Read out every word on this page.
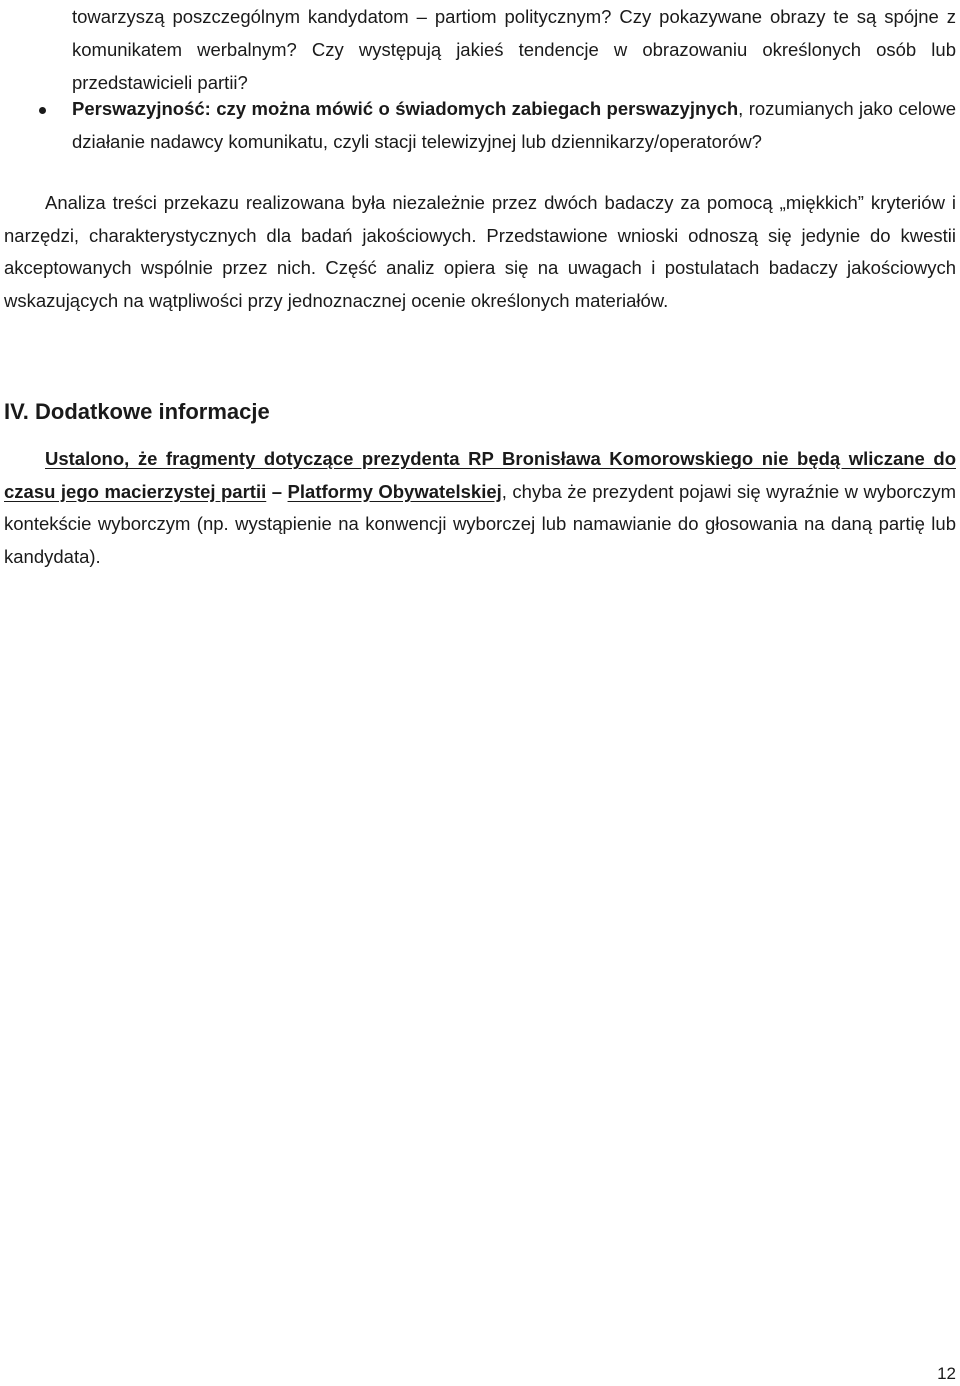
towarzyszą poszczególnym kandydatom – partiom politycznym? Czy pokazywane obrazy te są spójne z komunikatem werbalnym? Czy występują jakieś tendencje w obrazowaniu określonych osób lub przedstawicieli partii?

Perswazyjność: czy można mówić o świadomych zabiegach perswazyjnych, rozumianych jako celowe działanie nadawcy komunikatu, czyli stacji telewizyjnej lub dziennikarzy/operatorów?

Analiza treści przekazu realizowana była niezależnie przez dwóch badaczy za pomocą „miękkich” kryteriów i narzędzi, charakterystycznych dla badań jakościowych. Przedstawione wnioski odnoszą się jedynie do kwestii akceptowanych wspólnie przez nich. Część analiz opiera się na uwagach i postulatach badaczy jakościowych wskazujących na wątpliwości przy jednoznacznej ocenie określonych materiałów.

IV. Dodatkowe informacje

Ustalono, że fragmenty dotyczące prezydenta RP Bronisława Komorowskiego nie będą wliczane do czasu jego macierzystej partii – Platformy Obywatelskiej, chyba że prezydent pojawi się wyraźnie w wyborczym kontekście wyborczym (np. wystąpienie na konwencji wyborczej lub namawianie do głosowania na daną partię lub kandydata).

12
